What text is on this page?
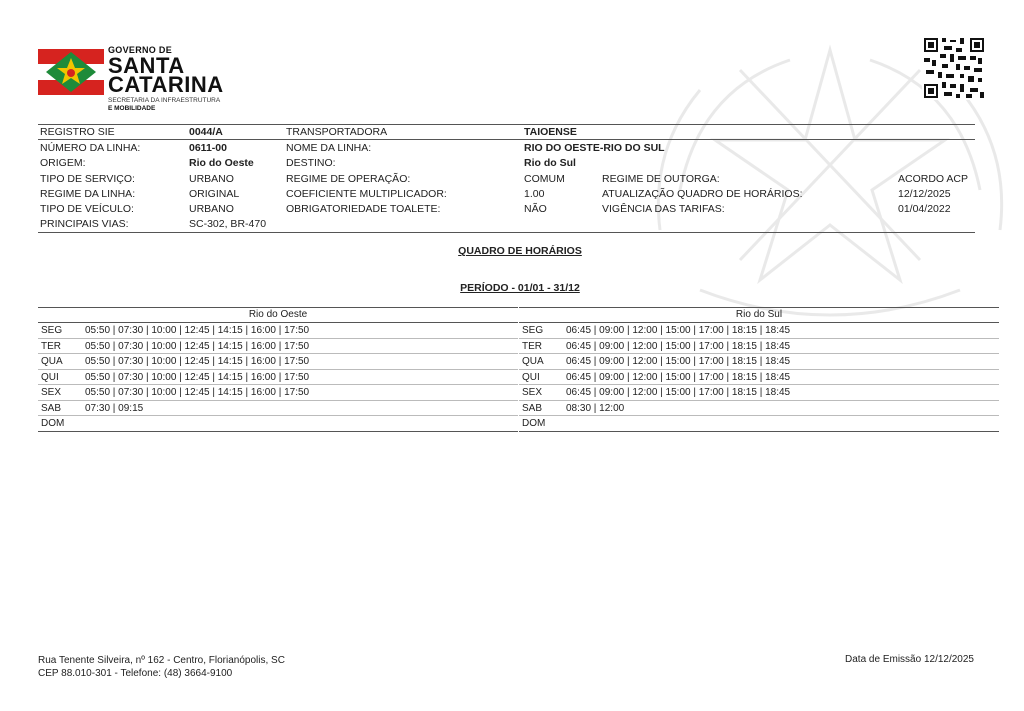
GOVERNO DE
SANTA
CATARINA
SECRETARIA DA INFRAESTRUTURA
E MOBILIDADE
REGISTRO SIE	0044/A	TRANSPORTADORA	TAIOENSE
NÚMERO DA LINHA:	0611-00	NOME DA LINHA:	RIO DO OESTE-RIO DO SUL
ORIGEM:	Rio do Oeste	DESTINO:	Rio do Sul
TIPO DE SERVIÇO:	URBANO	REGIME DE OPERAÇÃO:	COMUM	REGIME DE OUTORGA:	ACORDO ACP
REGIME DA LINHA:	ORIGINAL	COEFICIENTE MULTIPLICADOR:	1.00	ATUALIZAÇÃO QUADRO DE HORÁRIOS:	12/12/2025
TIPO DE VEÍCULO:	URBANO	OBRIGATORIEDADE TOALETE:	NÃO	VIGÊNCIA DAS TARIFAS:	01/04/2022
PRINCIPAIS VIAS:	SC-302, BR-470
QUADRO DE HORÁRIOS
PERÍODO - 01/01 - 31/12
Rio do Oeste
SEG 05:50 | 07:30 | 10:00 | 12:45 | 14:15 | 16:00 | 17:50
TER 05:50 | 07:30 | 10:00 | 12:45 | 14:15 | 16:00 | 17:50
QUA 05:50 | 07:30 | 10:00 | 12:45 | 14:15 | 16:00 | 17:50
QUI	05:50 | 07:30 | 10:00 | 12:45 | 14:15 | 16:00 | 17:50
SEX 05:50 | 07:30 | 10:00 | 12:45 | 14:15 | 16:00 | 17:50
SAB 07:30 | 09:15
DOM
Rio do Sul
SEG 06:45 | 09:00 | 12:00 | 15:00 | 17:00 | 18:15 | 18:45
TER 06:45 | 09:00 | 12:00 | 15:00 | 17:00 | 18:15 | 18:45
QUA 06:45 | 09:00 | 12:00 | 15:00 | 17:00 | 18:15 | 18:45
QUI	06:45 | 09:00 | 12:00 | 15:00 | 17:00 | 18:15 | 18:45
SEX 06:45 | 09:00 | 12:00 | 15:00 | 17:00 | 18:15 | 18:45
SAB 08:30 | 12:00
DOM
Rua Tenente Silveira, nº 162 - Centro, Florianópolis, SC
CEP 88.010-301 - Telefone: (48) 3664-9100
Data de Emissão 12/12/2025
